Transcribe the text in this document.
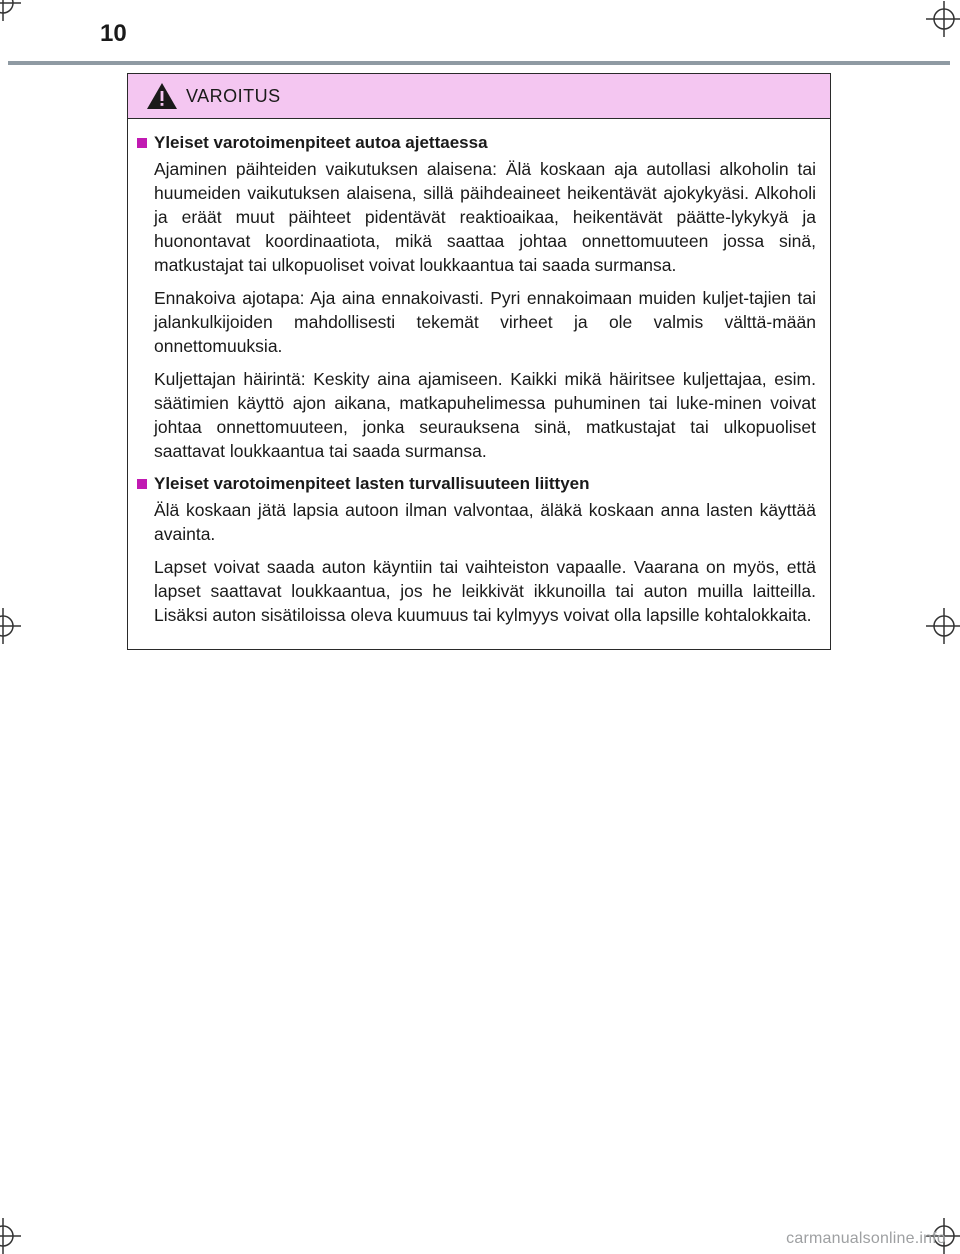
10
VAROITUS
Yleiset varotoimenpiteet autoa ajettaessa

Ajaminen päihteiden vaikutuksen alaisena: Älä koskaan aja autollasi alkoholin tai huumeiden vaikutuksen alaisena, sillä päihdeaineet heikentävät ajokykyäsi. Alkoholi ja eräät muut päihteet pidentävät reaktioaikaa, heikentävät päätte-lykykyä ja huonontavat koordinaatiota, mikä saattaa johtaa onnettomuuteen jossa sinä, matkustajat tai ulkopuoliset voivat loukkaantua tai saada surmansa.

Ennakoiva ajotapa: Aja aina ennakoivasti. Pyri ennakoimaan muiden kuljet-tajien tai jalankulkijoiden mahdollisesti tekemät virheet ja ole valmis välttä-mään onnettomuuksia.

Kuljettajan häirintä: Keskity aina ajamiseen. Kaikki mikä häiritsee kuljettajaa, esim. säätimien käyttö ajon aikana, matkapuhelimessa puhuminen tai luke-minen voivat johtaa onnettomuuteen, jonka seurauksena sinä, matkustajat tai ulkopuoliset saattavat loukkaantua tai saada surmansa.

Yleiset varotoimenpiteet lasten turvallisuuteen liittyen

Älä koskaan jätä lapsia autoon ilman valvontaa, äläkä koskaan anna lasten käyttää avainta.

Lapset voivat saada auton käyntiin tai vaihteiston vapaalle. Vaarana on myös, että lapset saattavat loukkaantua, jos he leikkivät ikkunoilla tai auton muilla laitteilla. Lisäksi auton sisätiloissa oleva kuumuus tai kylmyys voivat olla lapsille kohtalokkaita.

carmanualsonline.info
